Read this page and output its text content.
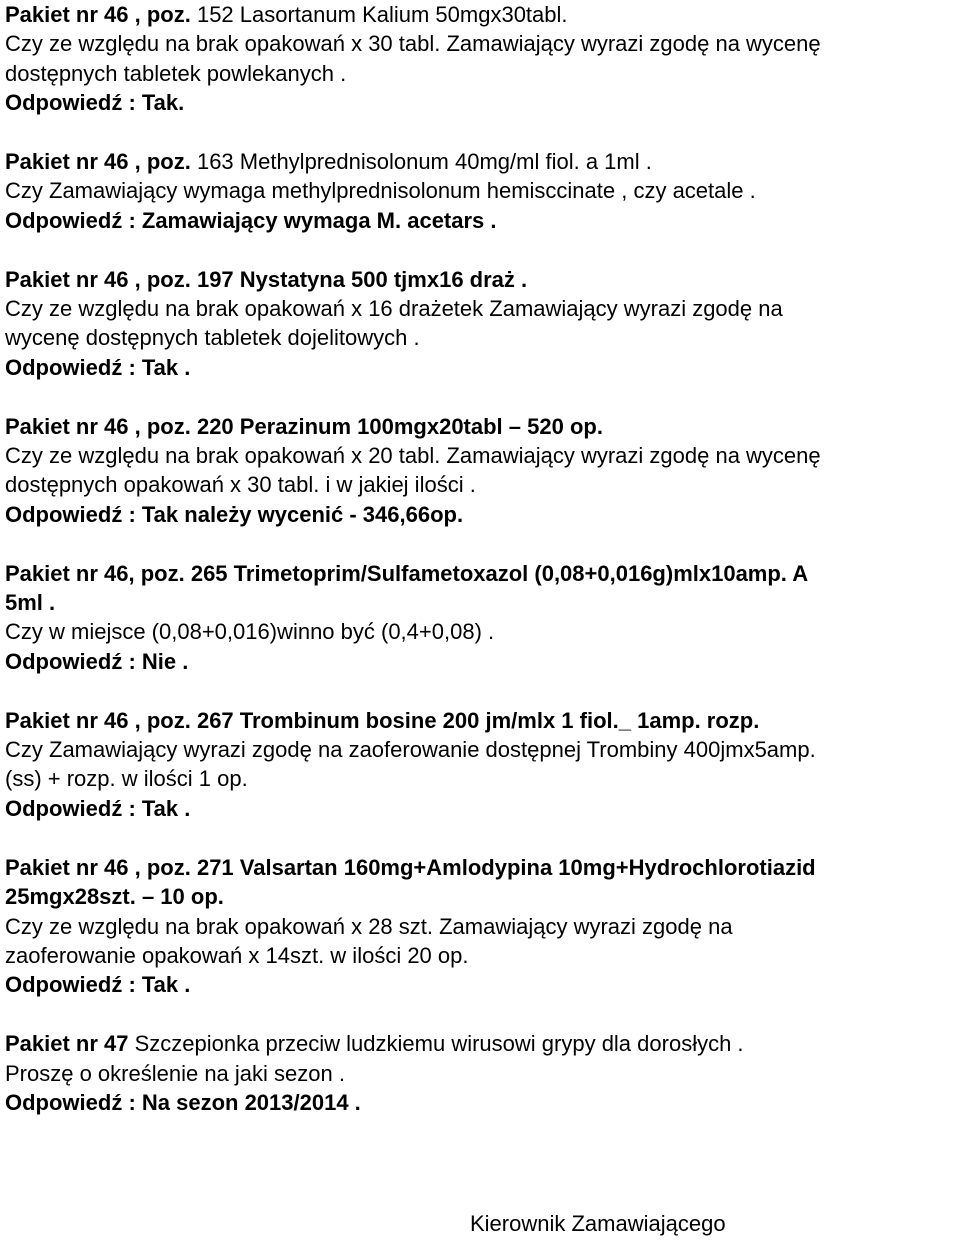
Pakiet nr 46 , poz. 152 Lasortanum Kalium 50mgx30tabl.
Czy ze względu na brak opakowań x 30 tabl. Zamawiający wyrazi zgodę na wycenę
dostępnych tabletek powlekanych .
Odpowiedź : Tak.
Pakiet nr 46 , poz. 163 Methylprednisolonum 40mg/ml fiol. a 1ml .
Czy Zamawiający wymaga methylprednisolonum hemisccinate , czy acetale .
Odpowiedź : Zamawiający wymaga M. acetars .
Pakiet nr 46 , poz. 197 Nystatyna 500 tjmx16 draż .
Czy ze względu na brak opakowań x 16 drażetek Zamawiający wyrazi zgodę na
wycenę dostępnych tabletek dojelitowych .
Odpowiedź : Tak .
Pakiet nr 46 , poz. 220 Perazinum 100mgx20tabl – 520 op.
Czy ze względu na brak opakowań x 20 tabl. Zamawiający wyrazi zgodę na wycenę
dostępnych opakowań x 30 tabl. i w jakiej ilości .
Odpowiedź : Tak należy wycenić - 346,66op.
Pakiet nr 46, poz. 265 Trimetoprim/Sulfametoxazol (0,08+0,016g)mlx10amp. A
5ml .
Czy w miejsce (0,08+0,016)winno być (0,4+0,08) .
Odpowiedź : Nie .
Pakiet nr 46 , poz. 267 Trombinum bosine 200 jm/mlx 1 fiol._ 1amp. rozp.
Czy Zamawiający wyrazi zgodę na zaoferowanie dostępnej Trombiny 400jmx5amp.
(ss) + rozp. w ilości 1 op.
Odpowiedź : Tak .
Pakiet nr 46 , poz. 271 Valsartan 160mg+Amlodypina 10mg+Hydrochlorotiazid
25mgx28szt. – 10 op.
Czy ze względu na brak opakowań x 28 szt. Zamawiający wyrazi zgodę na
zaoferowanie opakowań x 14szt. w ilości 20 op.
Odpowiedź : Tak .
Pakiet nr 47 Szczepionka przeciw ludzkiemu wirusowi grypy dla dorosłych .
Proszę o określenie na jaki sezon .
Odpowiedź : Na sezon 2013/2014 .
Kierownik Zamawiającego
